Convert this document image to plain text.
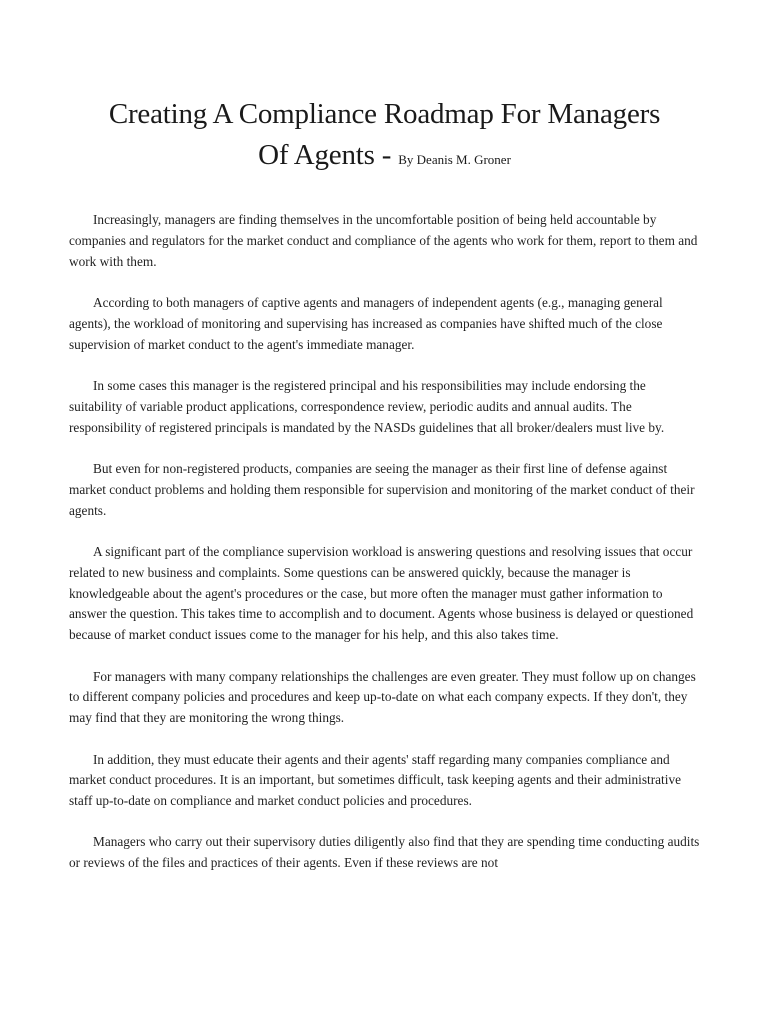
Creating A Compliance Roadmap For Managers
Of Agents - By Deanis M. Groner

Increasingly, managers are finding themselves in the uncomfortable position of being held accountable by companies and regulators for the market conduct and compliance of the agents who work for them, report to them and work with them.

According to both managers of captive agents and managers of independent agents (e.g., managing general agents), the workload of monitoring and supervising has increased as companies have shifted much of the close supervision of market conduct to the agent's immediate manager.

In some cases this manager is the registered principal and his responsibilities may include endorsing the suitability of variable product applications, correspondence review, periodic audits and annual audits. The responsibility of registered principals is mandated by the NASDs guidelines that all broker/dealers must live by.

But even for non-registered products, companies are seeing the manager as their first line of defense against market conduct problems and holding them responsible for supervision and monitoring of the market conduct of their agents.

A significant part of the compliance supervision workload is answering questions and resolving issues that occur related to new business and complaints. Some questions can be answered quickly, because the manager is knowledgeable about the agent's procedures or the case, but more often the manager must gather information to answer the question. This takes time to accomplish and to document. Agents whose business is delayed or questioned because of market conduct issues come to the manager for his help, and this also takes time.

For managers with many company relationships the challenges are even greater. They must follow up on changes to different company policies and procedures and keep up-to-date on what each company expects. If they don't, they may find that they are monitoring the wrong things.

In addition, they must educate their agents and their agents' staff regarding many companies compliance and market conduct procedures. It is an important, but sometimes difficult, task keeping agents and their administrative staff up-to-date on compliance and market conduct policies and procedures.

Managers who carry out their supervisory duties diligently also find that they are spending time conducting audits or reviews of the files and practices of their agents. Even if these reviews are not
